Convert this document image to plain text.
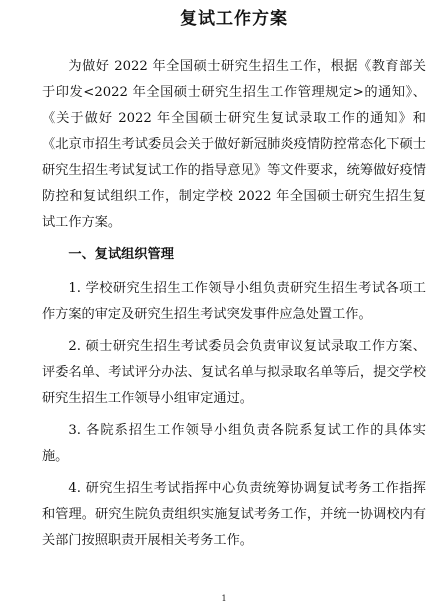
复试工作方案

为做好 2022 年全国硕士研究生招生工作，根据《教育部关于印发<2022 年全国硕士研究生招生工作管理规定>的通知》、《关于做好 2022 年全国硕士研究生复试录取工作的通知》和《北京市招生考试委员会关于做好新冠肺炎疫情防控常态化下硕士研究生招生考试复试工作的指导意见》等文件要求，统筹做好疫情防控和复试组织工作，制定学校 2022 年全国硕士研究生招生复试工作方案。

一、复试组织管理

1. 学校研究生招生工作领导小组负责研究生招生考试各项工作方案的审定及研究生招生考试突发事件应急处置工作。

2. 硕士研究生招生考试委员会负责审议复试录取工作方案、评委名单、考试评分办法、复试名单与拟录取名单等后，提交学校研究生招生工作领导小组审定通过。

3. 各院系招生工作领导小组负责各院系复试工作的具体实施。

4. 研究生招生考试指挥中心负责统筹协调复试考务工作指挥和管理。研究生院负责组织实施复试考务工作，并统一协调校内有关部门按照职责开展相关考务工作。

1
